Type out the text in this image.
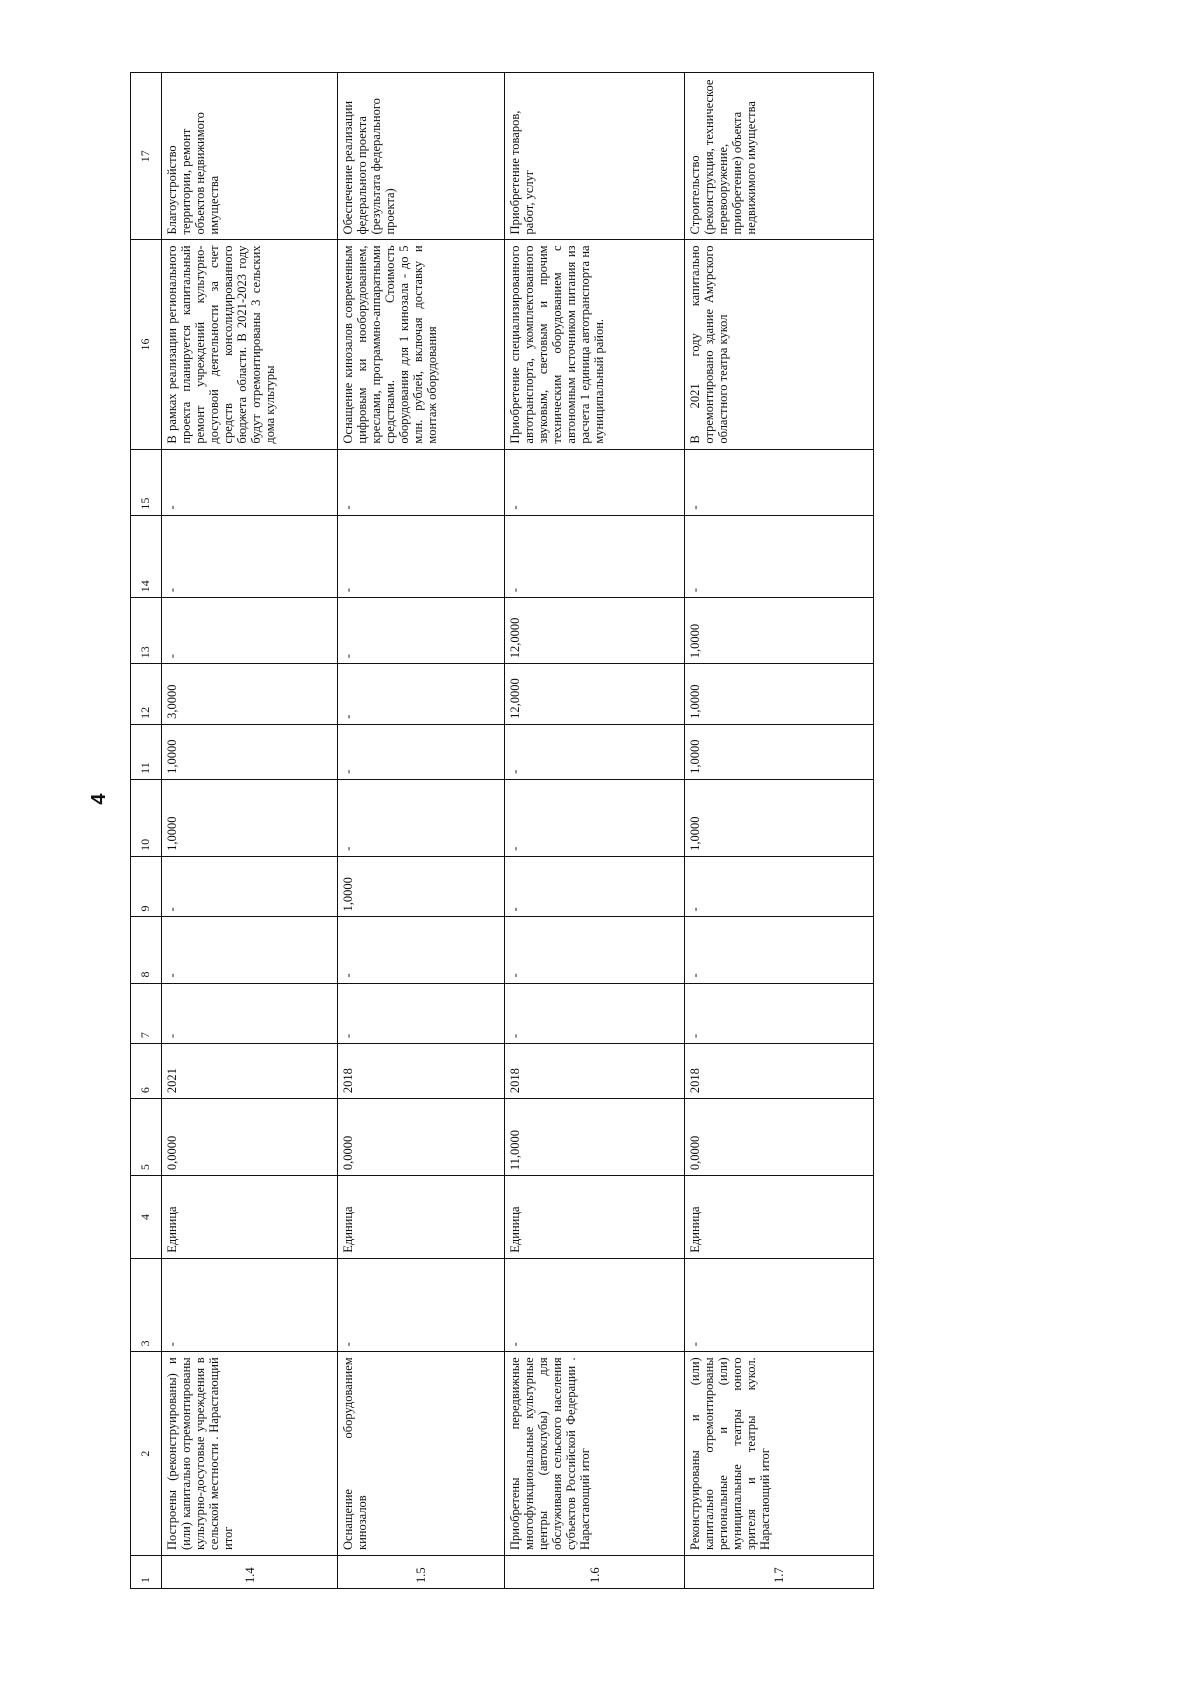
4
1	2	3	4	5	6	7	8	9	10	11	12	13	14	15	16	17
1.4	Построены (реконструированы) и (или) капитально отремонтированы культурно-досуговые учреждения в сельской местности . Нарастающий итог	-	Единица	0,0000	2021	-	-	-	1,0000	1,0000	3,0000	-	-	-	В рамках реализации регионального проекта планируется капитальный ремонт учреждений культурно-досуговой деятельности за счет средств консолидированного бюджета области. В 2021-2023 году будут отремонтированы 3 сельских дома культуры	Благоустройство территории, ремонт объектов недвижимого имущества
1.5	Оснащение оборудованием кинозалов	-	Единица	0,0000	2018	-	-	1,0000	-	-	-	-	-	-	Оснащение кинозалов современным цифровым ки нооборудованием, креслами, программно-аппаратными средствами. Стоимость оборудования для 1 кинозала - до 5 млн. рублей, включая доставку и монтаж оборудования	Обеспечение реализации федерального проекта (результата федерального проекта)
1.6	Приобретены передвижные многофункциональные культурные центры (автоклубы) для обслуживания сельского населения субъектов Российской Федерации . Нарастающий итог	-	Единица	11,0000	2018	-	-	-	-	-	12,0000	12,0000	-	-	Приобретение специализированного автотранспорта, укомплектованного звуковым, световым и прочим техническим оборудованием с автономным источником питания из расчета 1 единица автотранспорта на муниципальный район.	Приобретение товаров, работ, услуг
1.7	Реконструированы и (или) капитально отремонтированы региональные и (или) муниципальные театры юного зрителя и театры кукол. Нарастающий итог	-	Единица	0,0000	2018	-	-	-	1,0000	1,0000	1,0000	1,0000	-	-	В 2021 году капитально отремонтировано здание Амурского областного театра кукол	Строительство (реконструкция, техническое перевооружение, приобретение) объекта недвижимого имущества
